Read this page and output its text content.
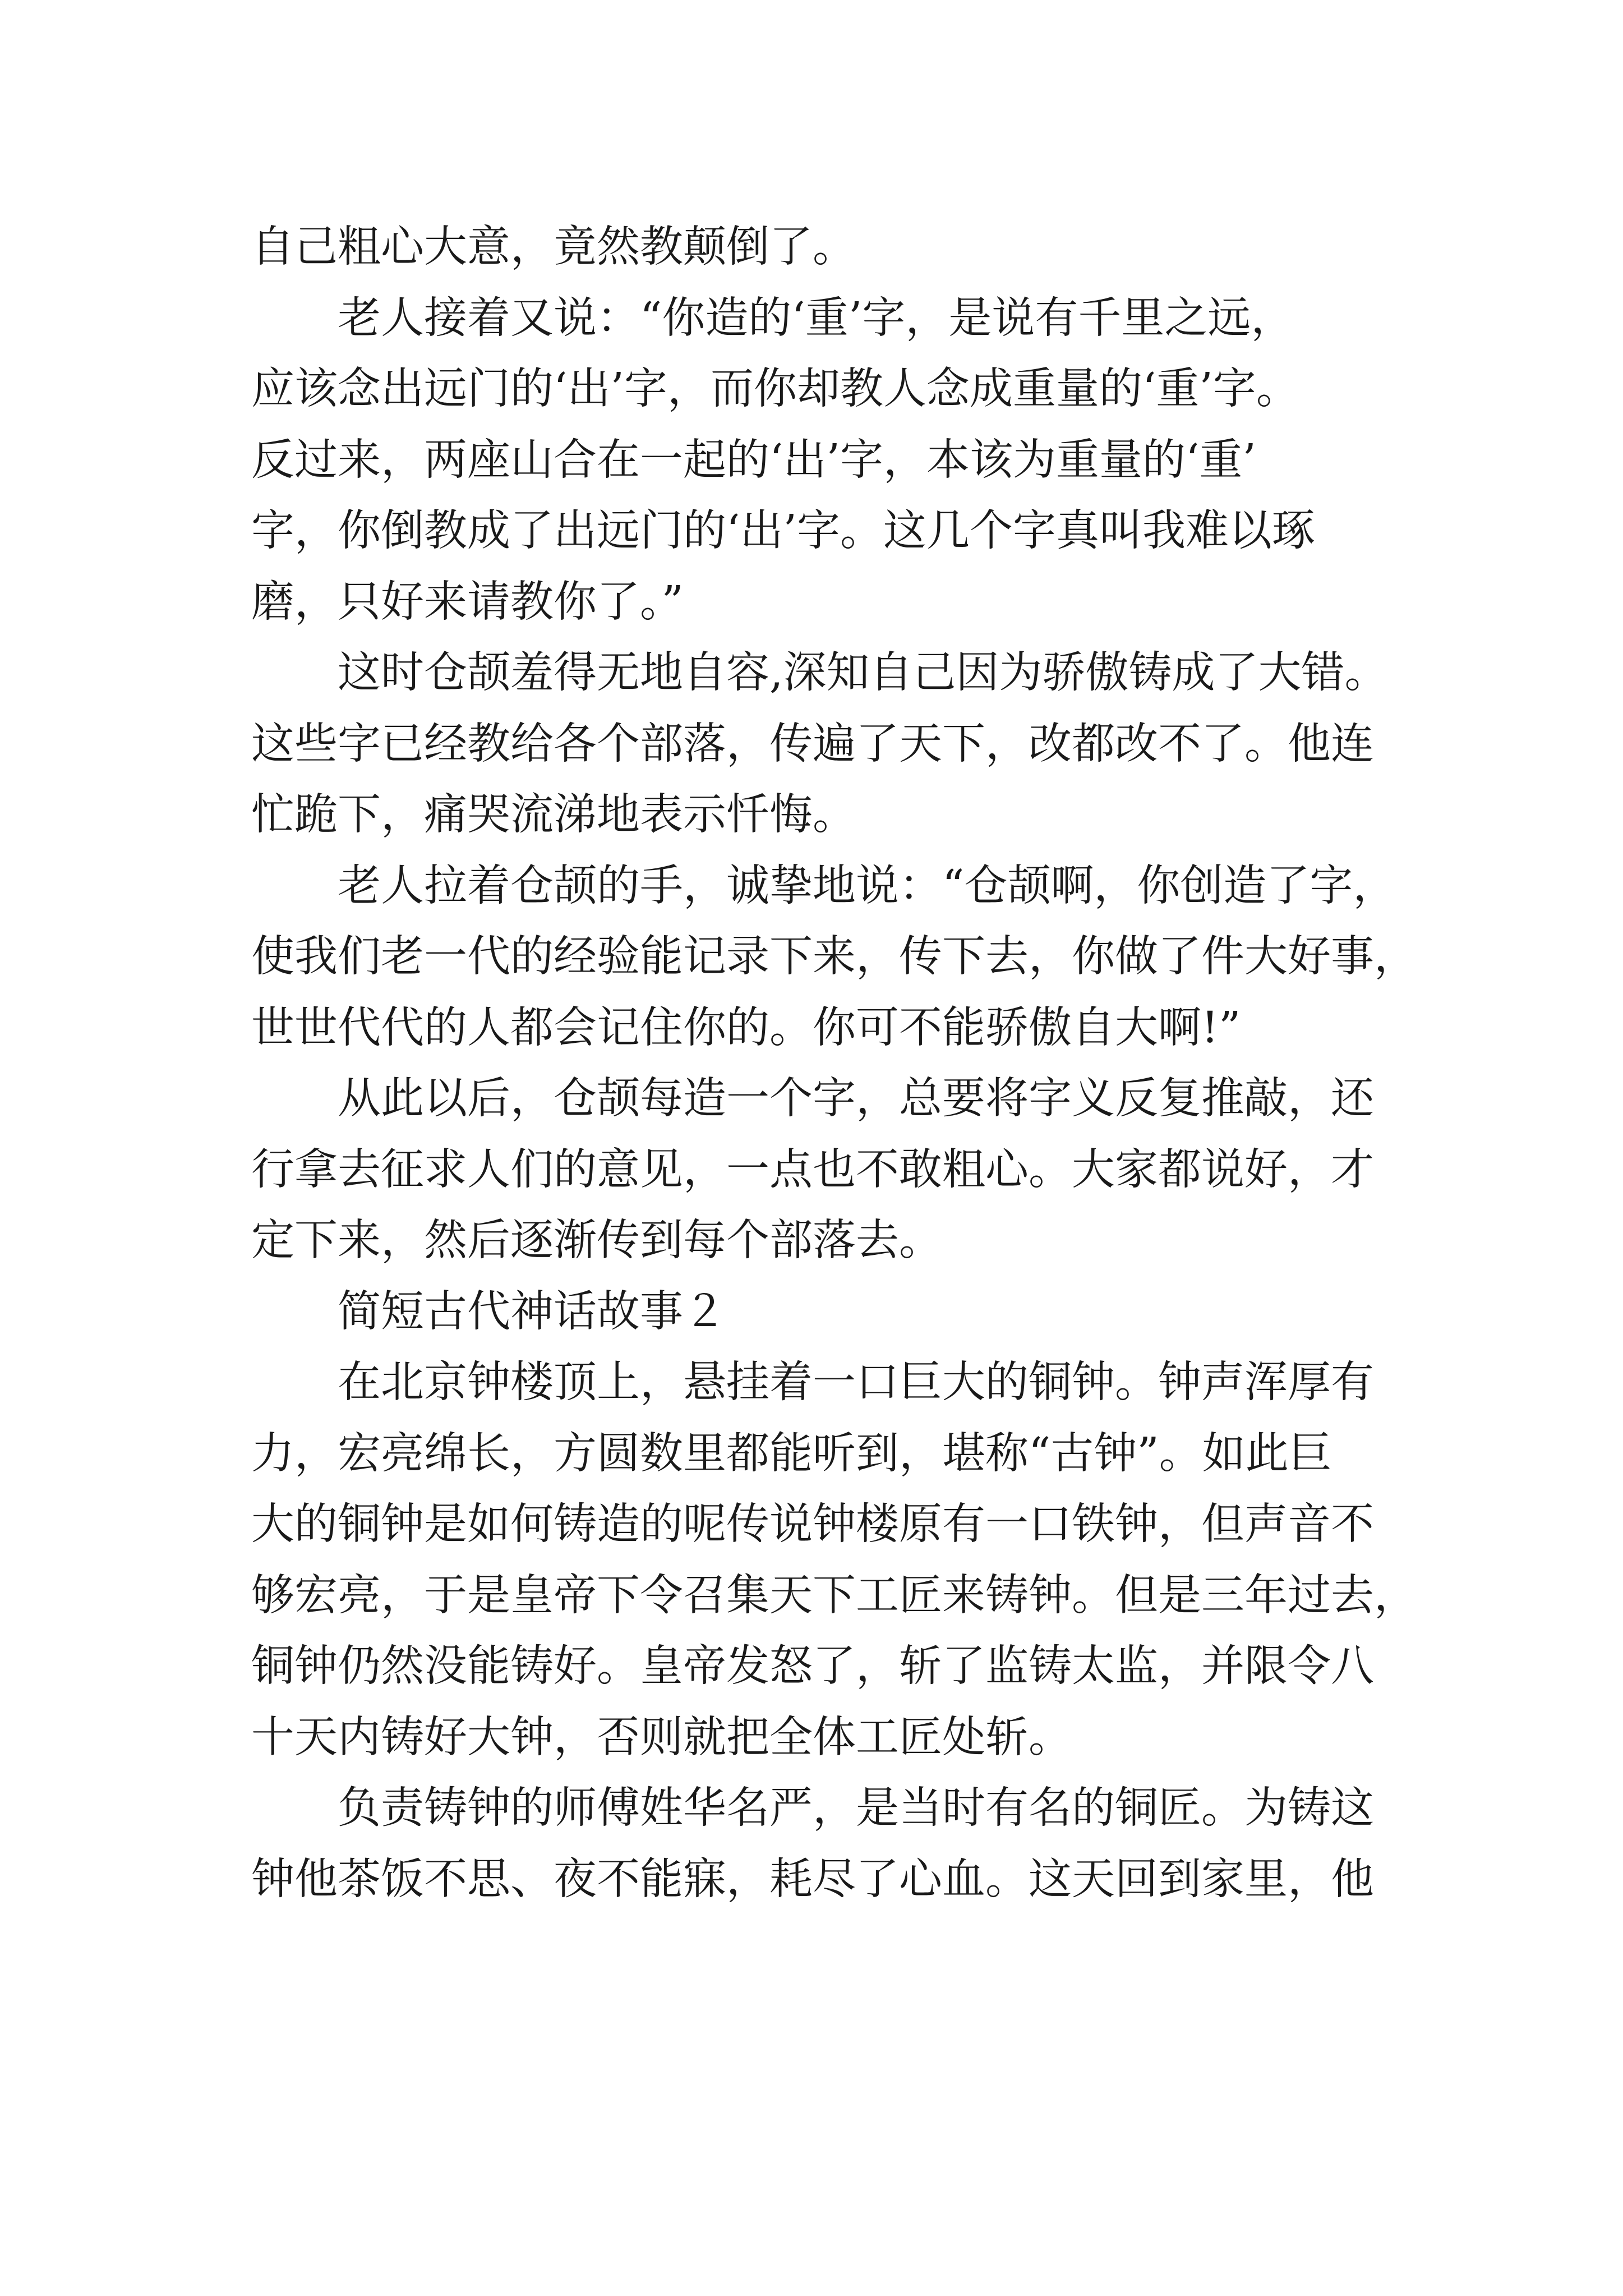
自己粗心大意，竟然教颠倒了。
老人接着又说：“你造的‘重’字，是说有千里之远，
应该念出远门的‘出’字，而你却教人念成重量的‘重’字。
反过来，两座山合在一起的‘出’字，本该为重量的‘重’
字，你倒教成了出远门的‘出’字。这几个字真叫我难以琢
磨，只好来请教你了。”
这时仓颉羞得无地自容,深知自己因为骄傲铸成了大错。
这些字已经教给各个部落，传遍了天下，改都改不了。他连
忙跪下，痛哭流涕地表示忏悔。
老人拉着仓颉的手，诚挚地说：“仓颉啊，你创造了字，
使我们老一代的经验能记录下来，传下去，你做了件大好事，
世世代代的人都会记住你的。你可不能骄傲自大啊!”
从此以后，仓颉每造一个字，总要将字义反复推敲，还
行拿去征求人们的意见，一点也不敢粗心。大家都说好，才
定下来，然后逐渐传到每个部落去。
简短古代神话故事２
在北京钟楼顶上，悬挂着一口巨大的铜钟。钟声浑厚有
力，宏亮绵长，方圆数里都能听到，堪称“古钟”。如此巨
大的铜钟是如何铸造的呢传说钟楼原有一口铁钟，但声音不
够宏亮，于是皇帝下令召集天下工匠来铸钟。但是三年过去，
铜钟仍然没能铸好。皇帝发怒了，斩了监铸太监，并限令八
十天内铸好大钟，否则就把全体工匠处斩。
负责铸钟的师傅姓华名严，是当时有名的铜匠。为铸这
钟他茶饭不思、夜不能寐，耗尽了心血。这天回到家里，他
